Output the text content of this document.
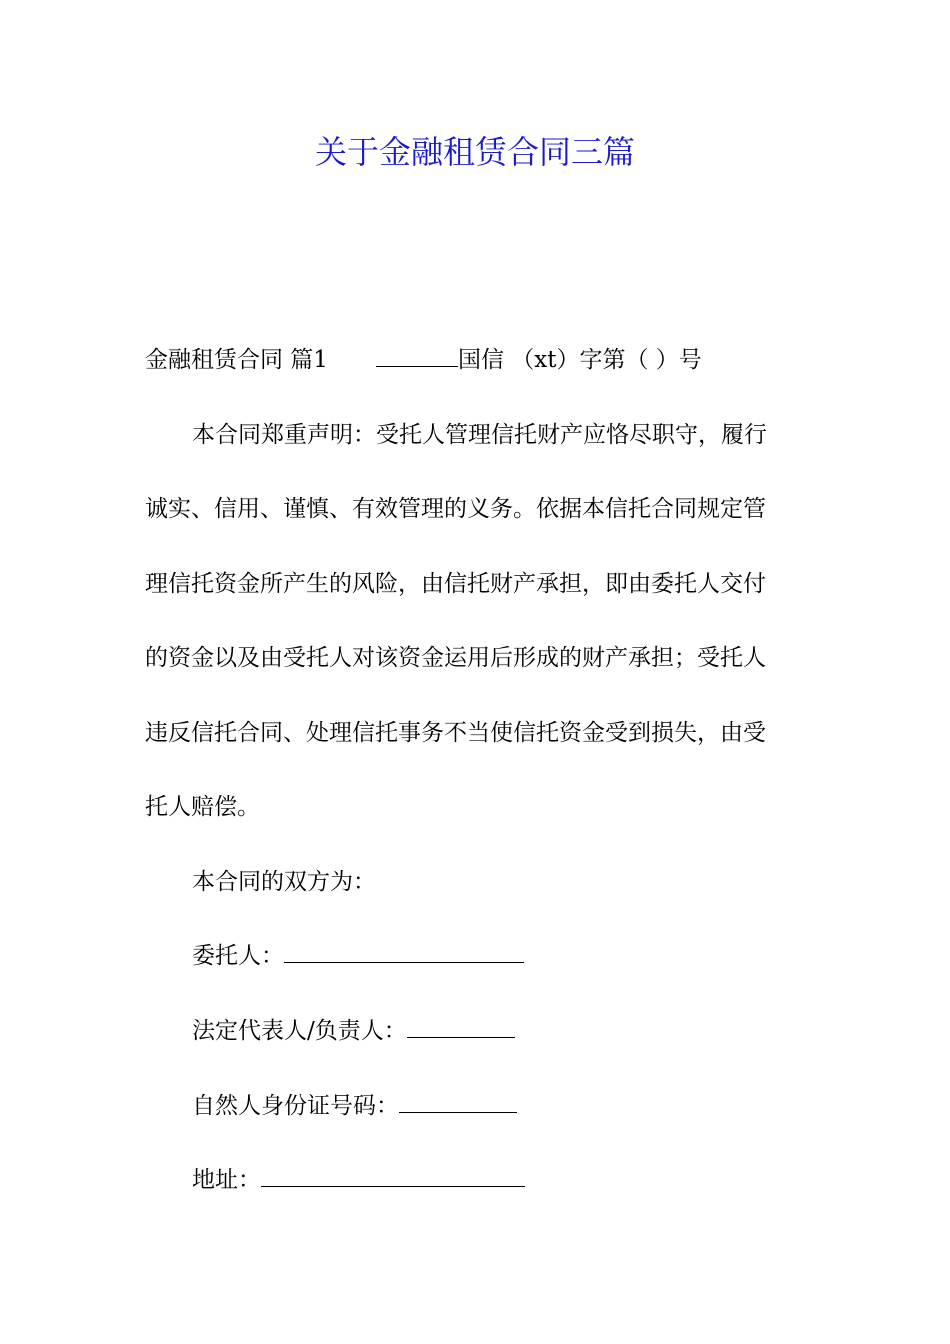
关于金融租赁合同三篇
金融租赁合同 篇1	国信 （xt）字第（ ）号
本合同郑重声明：受托人管理信托财产应恪尽职守，履行
诚实、信用、谨慎、有效管理的义务。依据本信托合同规定管
理信托资金所产生的风险，由信托财产承担，即由委托人交付
的资金以及由受托人对该资金运用后形成的财产承担；受托人
违反信托合同、处理信托事务不当使信托资金受到损失，由受
托人赔偿。
本合同的双方为：
委托人：
法定代表人/负责人：
自然人身份证号码：
地址：
